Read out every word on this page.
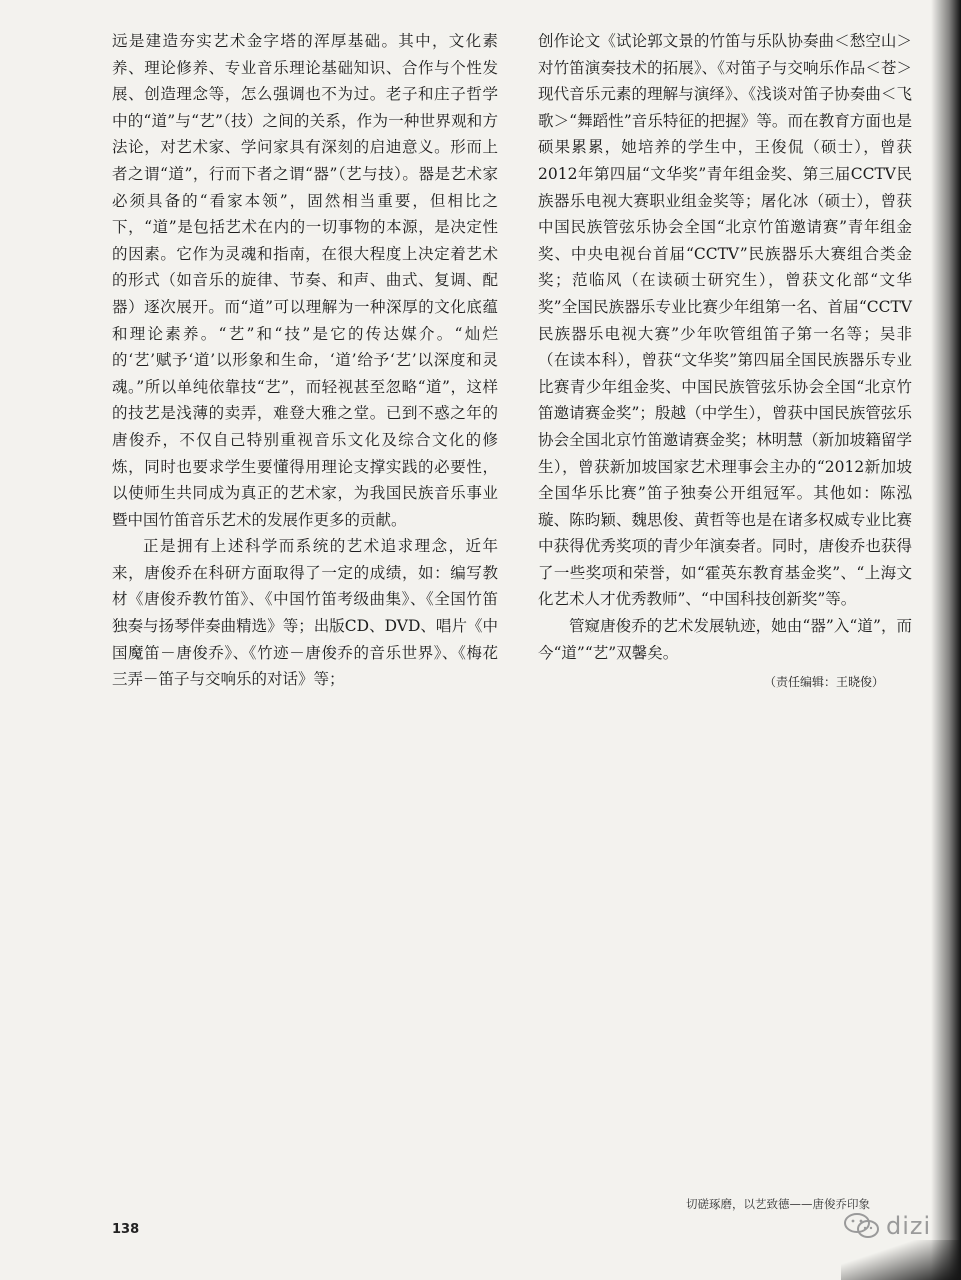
远是建造夯实艺术金字塔的浑厚基础。其中，文化素养、理论修养、专业音乐理论基础知识、合作与个性发展、创造理念等，怎么强调也不为过。老子和庄子哲学中的“道”与“艺”（技）之间的关系，作为一种世界观和方法论，对艺术家、学问家具有深刻的启迪意义。形而上者之谓“道”，行而下者之谓“器”（艺与技）。器是艺术家必须具备的“看家本领”，固然相当重要，但相比之下，“道”是包括艺术在内的一切事物的本源，是决定性的因素。它作为灵魂和指南，在很大程度上决定着艺术的形式（如音乐的旋律、节奏、和声、曲式、复调、配器）逐次展开。而“道”可以理解为一种深厚的文化底蕴和理论素养。“艺”和“技”是它的传达媒介。“灿烂的‘艺’赋予‘道’以形象和生命，‘道’给予‘艺’以深度和灵魂。”所以单纯依靠技“艺”，而轻视甚至忽略“道”，这样的技艺是浅薄的卖弄，难登大雅之堂。已到不惑之年的唐俊乔，不仅自己特别重视音乐文化及综合文化的修炼，同时也要求学生要懂得用理论支撑实践的必要性，以使师生共同成为真正的艺术家，为我国民族音乐事业暨中国竹笛音乐艺术的发展作更多的贡献。

正是拥有上述科学而系统的艺术追求理念，近年来，唐俊乔在科研方面取得了一定的成绩，如：编写教材《唐俊乔教竹笛》、《中国竹笛考级曲集》、《全国竹笛独奏与扬琴伴奏曲精选》等；出版CD、DVD、唱片《中国魔笛－唐俊乔》、《竹迹－唐俊乔的音乐世界》、《梅花三弄－笛子与交响乐的对话》等；

创作论文《试论郭文景的竹笛与乐队协奏曲＜愁空山＞对竹笛演奏技术的拓展》、《对笛子与交响乐作品＜苍＞现代音乐元素的理解与演绎》、《浅谈对笛子协奏曲＜飞歌＞“舞蹈性”音乐特征的把握》等。而在教育方面也是硕果累累，她培养的学生中，王俊侃（硕士），曾获2012年第四届“文华奖”青年组金奖、第三届CCTV民族器乐电视大赛职业组金奖等；屠化冰（硕士），曾获中国民族管弦乐协会全国“北京竹笛邀请赛”青年组金奖、中央电视台首届“CCTV”民族器乐大赛组合类金奖；范临风（在读硕士研究生），曾获文化部“文华奖”全国民族器乐专业比赛少年组第一名、首届“CCTV民族器乐电视大赛”少年吹管组笛子第一名等；吴非（在读本科），曾获“文华奖”第四届全国民族器乐专业比赛青少年组金奖、中国民族管弦乐协会全国“北京竹笛邀请赛金奖”；殷越（中学生），曾获中国民族管弦乐协会全国北京竹笛邀请赛金奖；林明慧（新加坡籍留学生），曾获新加坡国家艺术理事会主办的“2012新加坡全国华乐比赛”笛子独奏公开组冠军。其他如：陈泓璇、陈昀颖、魏思俊、黄哲等也是在诸多权威专业比赛中获得优秀奖项的青少年演奏者。同时，唐俊乔也获得了一些奖项和荣誉，如“霍英东教育基金奖”、“上海文化艺术人才优秀教师”、“中国科技创新奖”等。

管窥唐俊乔的艺术发展轨迹，她由“器”入“道”，而今“道”“艺”双馨矣。

（责任编辑：王晓俊）
切磋琢磨，以艺致德——唐俊乔印象
138	dizi
